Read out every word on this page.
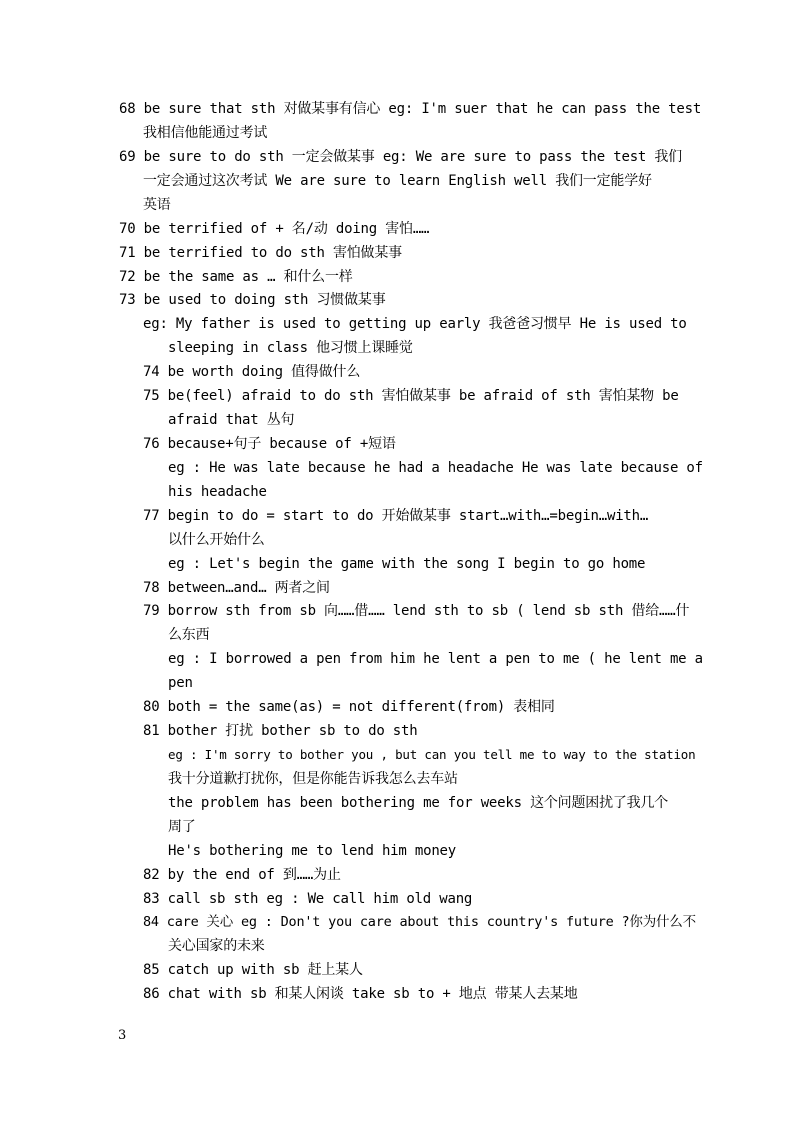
68 be sure that sth 对做某事有信心 eg: I'm suer that he can pass the test
我相信他能通过考试
69 be sure to do sth 一定会做某事 eg: We are sure to pass the test 我们
一定会通过这次考试 We are sure to learn English well 我们一定能学好
英语
70 be terrified of + 名/动 doing 害怕……
71 be terrified to do sth 害怕做某事
72 be the same as … 和什么一样
73 be used to doing sth 习惯做某事
eg: My father is used to getting up early 我爸爸习惯早 He is used to
sleeping in class 他习惯上课睡觉
74 be worth doing 值得做什么
75 be(feel) afraid to do sth 害怕做某事 be afraid of sth 害怕某物 be
afraid that 丛句
76 because+句子 because of +短语
eg : He was late because he had a headache He was late because of
his headache
77 begin to do = start to do 开始做某事 start…with…=begin…with…
以什么开始什么
eg : Let's begin the game with the song I begin to go home
78 between…and… 两者之间
79 borrow sth from sb 向……借…… lend sth to sb ( lend sb sth 借给……什
么东西
eg : I borrowed a pen from him he lent a pen to me ( he lent me a
pen
80 both = the same(as) = not different(from) 表相同
81 bother 打扰 bother sb to do sth
eg : I'm sorry to bother you , but can you tell me to way to the station
我十分道歉打扰你，但是你能告诉我怎么去车站
the problem has been bothering me for weeks 这个问题困扰了我几个
周了
He's bothering me to lend him money
82 by the end of 到……为止
83 call sb sth eg : We call him old wang
84 care 关心 eg : Don't you care about this country's future ?你为什么不
关心国家的未来
85 catch up with sb 赶上某人
86 chat with sb 和某人闲谈 take sb to + 地点 带某人去某地
3
